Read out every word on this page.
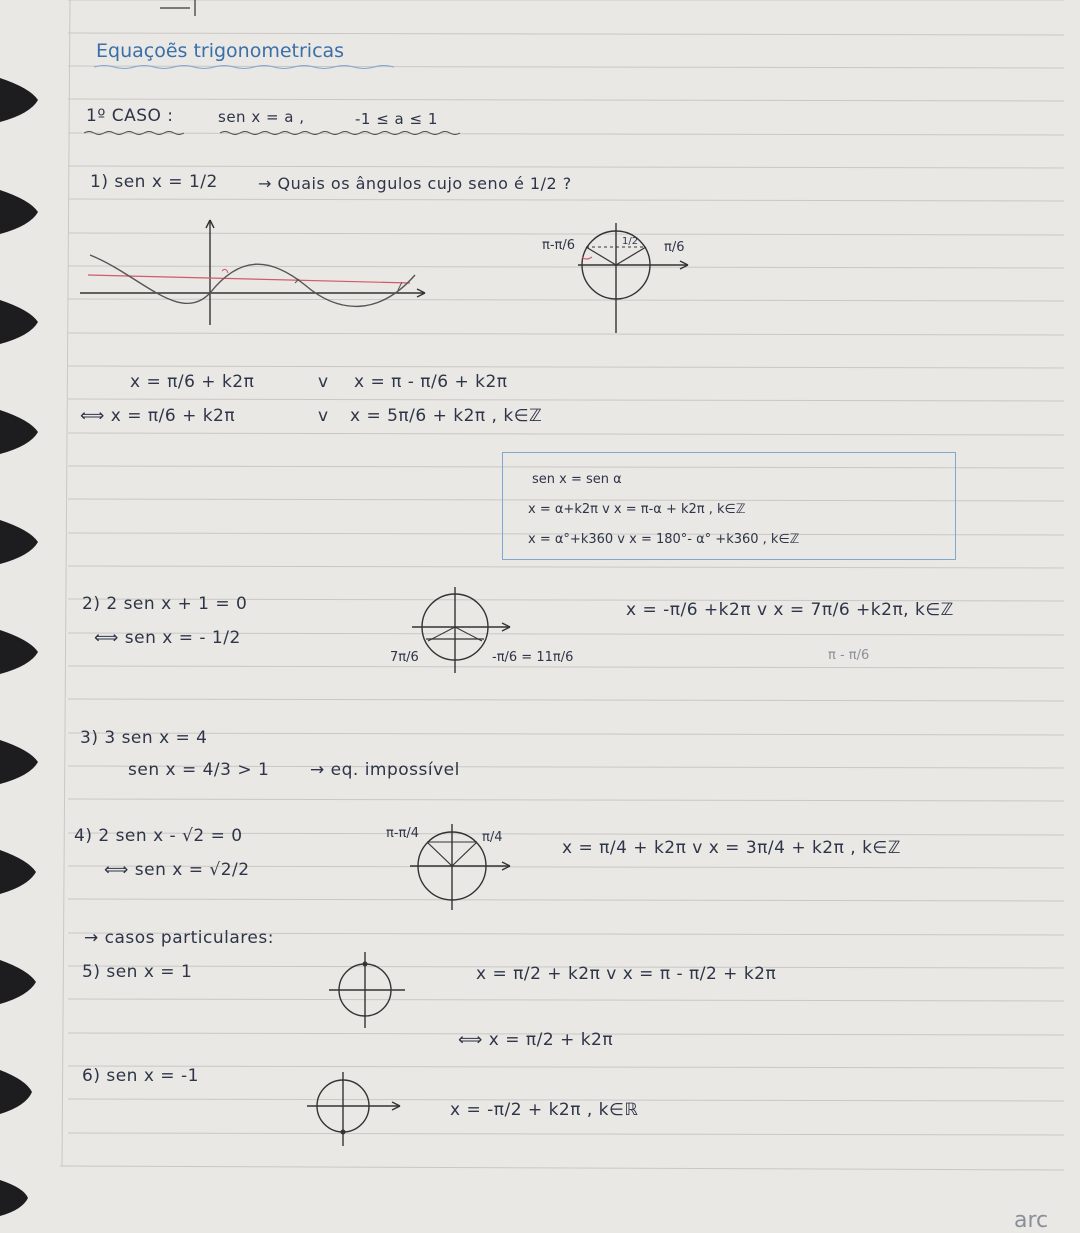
Equaçoẽs trigonometricas
1º CASO :	sen x = a ,	-1 ≤ a ≤ 1
1) sen x = 1/2	→ Quais os ângulos cujo seno é 1/2 ?
π-π/6	π/6
1/2
x = π/6 + k2π	v x = π - π/6 + k2π
⟺ x = π/6 + k2π	v x = 5π/6 + k2π , k∈ℤ
sen x = sen α
x = α+k2π v x = π-α + k2π , k∈ℤ
x = α°+k360 v x = 180°- α° +k360 , k∈ℤ
2) 2 sen x + 1 = 0
⟺ sen x = - 1/2
7π/6	-π/6 = 11π/6
x = -π/6 +k2π v x = 7π/6 +k2π, k∈ℤ
π - π/6
3) 3 sen x = 4
sen x = 4/3 > 1 → eq. impossível
4) 2 sen x - √2 = 0
⟺ sen x = √2/2
π-π/4	π/4
x = π/4 + k2π v x = 3π/4 + k2π , k∈ℤ
→ casos particulares:
5) sen x = 1	x = π/2 + k2π v x = π - π/2 + k2π
⟺ x = π/2 + k2π
6) sen x = -1
x = -π/2 + k2π , k∈ℝ
arc
